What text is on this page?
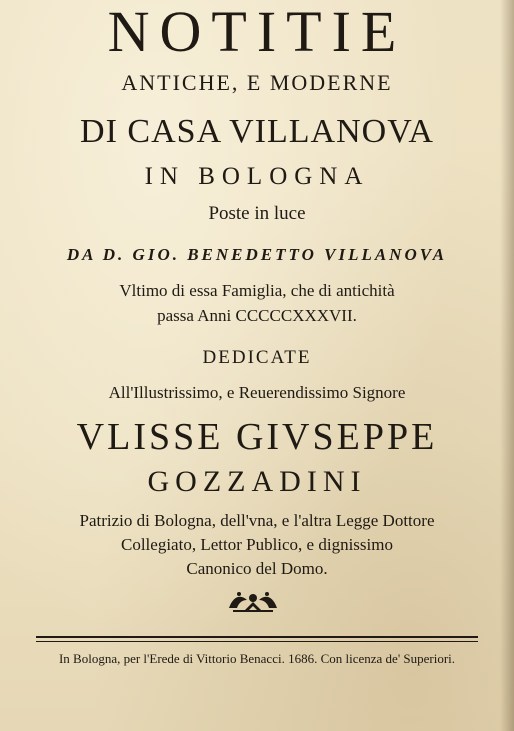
NOTITIE
ANTICHE, E MODERNE
DI CASA VILLANOVA
IN BOLOGNA
Poste in luce
DA D. GIO. BENEDETTO VILLANOVA
Vltimo di essa Famiglia, che di antichità
passa Anni CCCCCXXXVII.
DEDICATE
All'Illustrissimo, e Reuerendissimo Signore
VLISSE GIVSEPPE
GOZZADINI
Patrizio di Bologna, dell'vna, e l'altra Legge Dottore
Collegiato, Lettor Publico, e dignissimo
Canonico del Domo.
In Bologna, per l'Erede di Vittorio Benacci. 1686. Con licenza de' Superiori.
